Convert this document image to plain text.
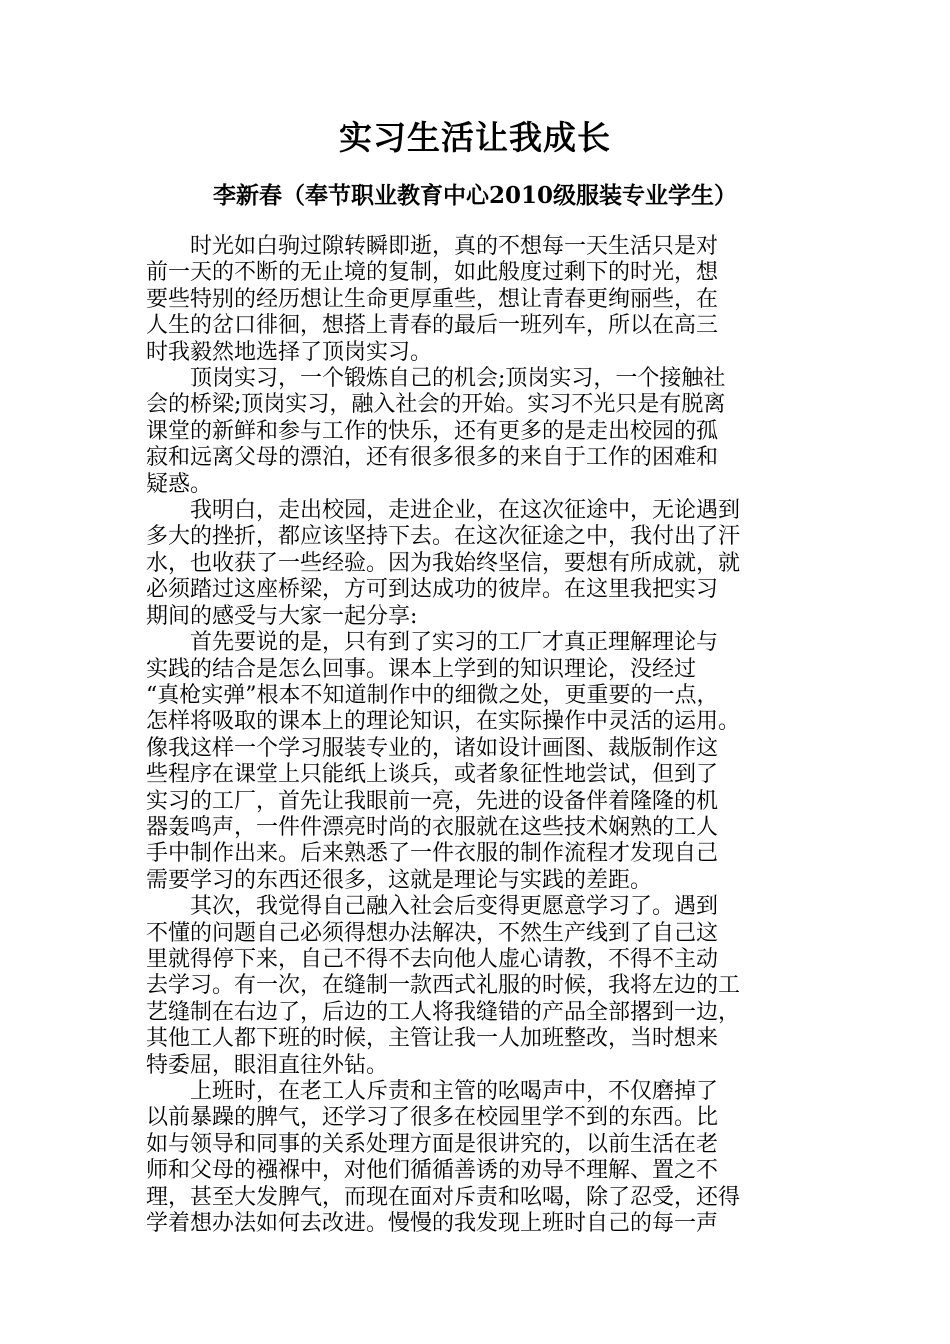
实习生活让我成长
李新春（奉节职业教育中心2010级服装专业学生）

时光如白驹过隙转瞬即逝，真的不想每一天生活只是对
前一天的不断的无止境的复制，如此般度过剩下的时光，想
要些特别的经历想让生命更厚重些，想让青春更绚丽些，在
人生的岔口徘徊，想搭上青春的最后一班列车，所以在高三
时我毅然地选择了顶岗实习。

顶岗实习，一个锻炼自己的机会;顶岗实习，一个接触社
会的桥梁;顶岗实习，融入社会的开始。实习不光只是有脱离
课堂的新鲜和参与工作的快乐，还有更多的是走出校园的孤
寂和远离父母的漂泊，还有很多很多的来自于工作的困难和
疑惑。

我明白，走出校园，走进企业，在这次征途中，无论遇到
多大的挫折，都应该坚持下去。在这次征途之中，我付出了汗
水，也收获了一些经验。因为我始终坚信，要想有所成就，就
必须踏过这座桥梁，方可到达成功的彼岸。在这里我把实习
期间的感受与大家一起分享:

首先要说的是，只有到了实习的工厂才真正理解理论与
实践的结合是怎么回事。课本上学到的知识理论，没经过
“真枪实弹”根本不知道制作中的细微之处，更重要的一点，
怎样将吸取的课本上的理论知识，在实际操作中灵活的运用。
像我这样一个学习服装专业的，诸如设计画图、裁版制作这
些程序在课堂上只能纸上谈兵，或者象征性地尝试，但到了
实习的工厂，首先让我眼前一亮，先进的设备伴着隆隆的机
器轰鸣声，一件件漂亮时尚的衣服就在这些技术娴熟的工人
手中制作出来。后来熟悉了一件衣服的制作流程才发现自己
需要学习的东西还很多，这就是理论与实践的差距。

其次，我觉得自己融入社会后变得更愿意学习了。遇到
不懂的问题自己必须得想办法解决，不然生产线到了自己这
里就得停下来，自己不得不去向他人虚心请教，不得不主动
去学习。有一次，在缝制一款西式礼服的时候，我将左边的工
艺缝制在右边了，后边的工人将我缝错的产品全部撂到一边，
其他工人都下班的时候，主管让我一人加班整改，当时想来
特委屈，眼泪直往外钻。

上班时，在老工人斥责和主管的吆喝声中，不仅磨掉了
以前暴躁的脾气，还学习了很多在校园里学不到的东西。比
如与领导和同事的关系处理方面是很讲究的，以前生活在老
师和父母的襁褓中，对他们循循善诱的劝导不理解、置之不
理，甚至大发脾气，而现在面对斥责和吆喝，除了忍受，还得
学着想办法如何去改进。慢慢的我发现上班时自己的每一声
